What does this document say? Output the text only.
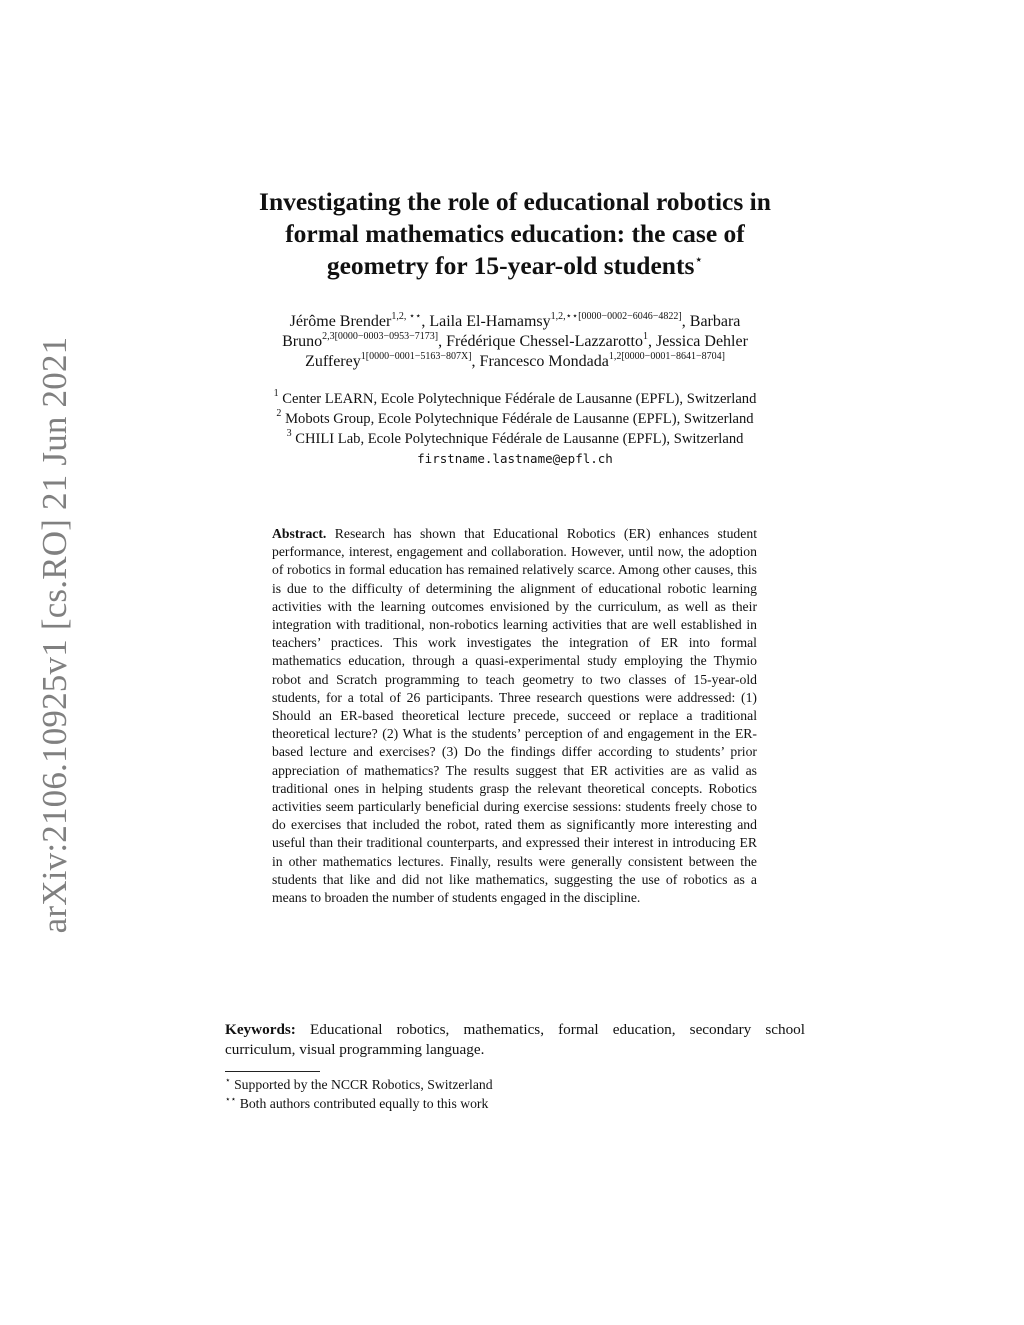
arXiv:2106.10925v1 [cs.RO] 21 Jun 2021
Investigating the role of educational robotics in
formal mathematics education: the case of
geometry for 15-year-old students⋆
Jérôme Brender$^{1,2, ⋆⋆}$, Laila El-Hamamsy$^{1,2,⋆⋆[0000-0002-6046-4822]}$, Barbara
Bruno$^{2,3[0000-0003-0953-7173]}$, Frédérique Chessel-Lazzarotto$^1$, Jessica Dehler
Zufferey$^{1[0000-0001-5163-807X]}$, Francesco Mondada$^{1,2[0000-0001-8641-8704]}$
$^1$ Center LEARN, Ecole Polytechnique Fédérale de Lausanne (EPFL), Switzerland
$^2$ Mobots Group, Ecole Polytechnique Fédérale de Lausanne (EPFL), Switzerland
$^3$ CHILI Lab, Ecole Polytechnique Fédérale de Lausanne (EPFL), Switzerland
firstname.lastname@epfl.ch
Abstract. Research has shown that Educational Robotics (ER) enhances student performance, interest, engagement and collaboration. However, until now, the adoption of robotics in formal education has remained relatively scarce. Among other causes, this is due to the difficulty of determining the alignment of educational robotic learning activities with the learning outcomes envisioned by the curriculum, as well as their integration with traditional, non-robotics learning activities that are well established in teachers’ practices. This work investigates the integration of ER into formal mathematics education, through a quasi-experimental study employing the Thymio robot and Scratch programming to teach geometry to two classes of 15-year-old students, for a total of 26 participants. Three research questions were addressed: (1) Should an ER-based theoretical lecture precede, succeed or replace a traditional theoretical lecture? (2) What is the students’ perception of and engagement in the ER-based lecture and exercises? (3) Do the findings differ according to students’ prior appreciation of mathematics? The results suggest that ER activities are as valid as traditional ones in helping students grasp the relevant theoretical concepts. Robotics activities seem particularly beneficial during exercise sessions: students freely chose to do exercises that included the robot, rated them as significantly more interesting and useful than their traditional counterparts, and expressed their interest in introducing ER in other mathematics lectures. Finally, results were generally consistent between the students that like and did not like mathematics, suggesting the use of robotics as a means to broaden the number of students engaged in the discipline.
Keywords: Educational robotics, mathematics, formal education, secondary school curriculum, visual programming language.
⋆ Supported by the NCCR Robotics, Switzerland
⋆⋆ Both authors contributed equally to this work
